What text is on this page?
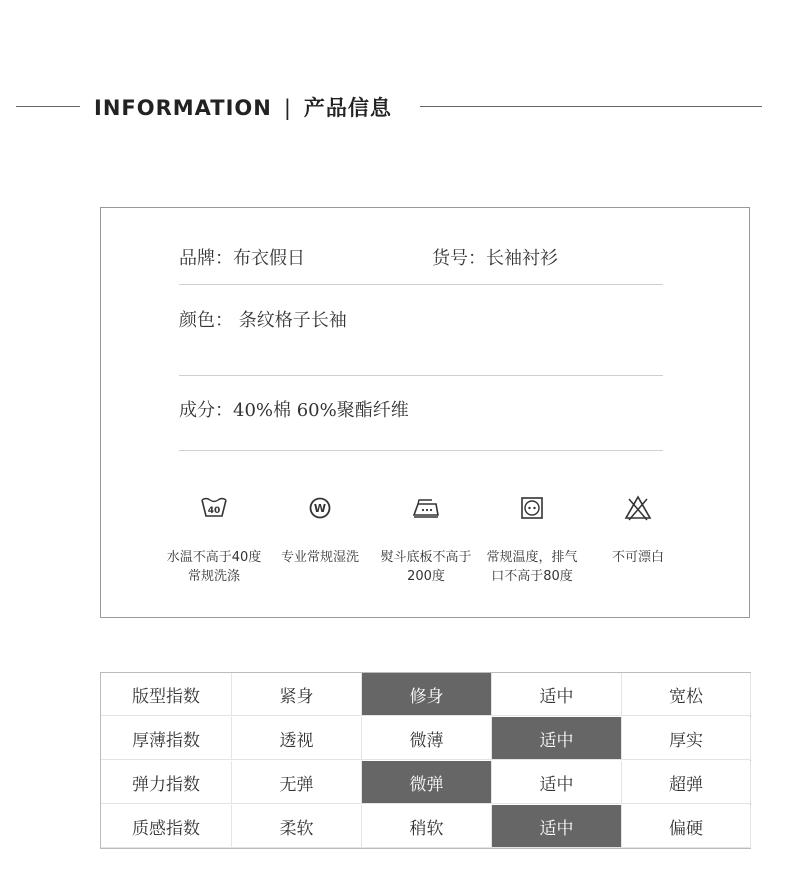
INFORMATION | 产品信息
品牌：布衣假日	货号：长袖衬衫
颜色： 条纹格子长袖
成分：40%棉 60%聚酯纤维
40
水温不高于40度
常规洗涤
W
专业常规湿洗	熨斗底板不高于
200度
常规温度，排气
口不高于80度
不可漂白
版型指数	紧身	修身	适中	宽松
厚薄指数	透视	微薄	适中	厚实
弹力指数	无弹	微弹	适中	超弹
质感指数	柔软	稍软	适中	偏硬
